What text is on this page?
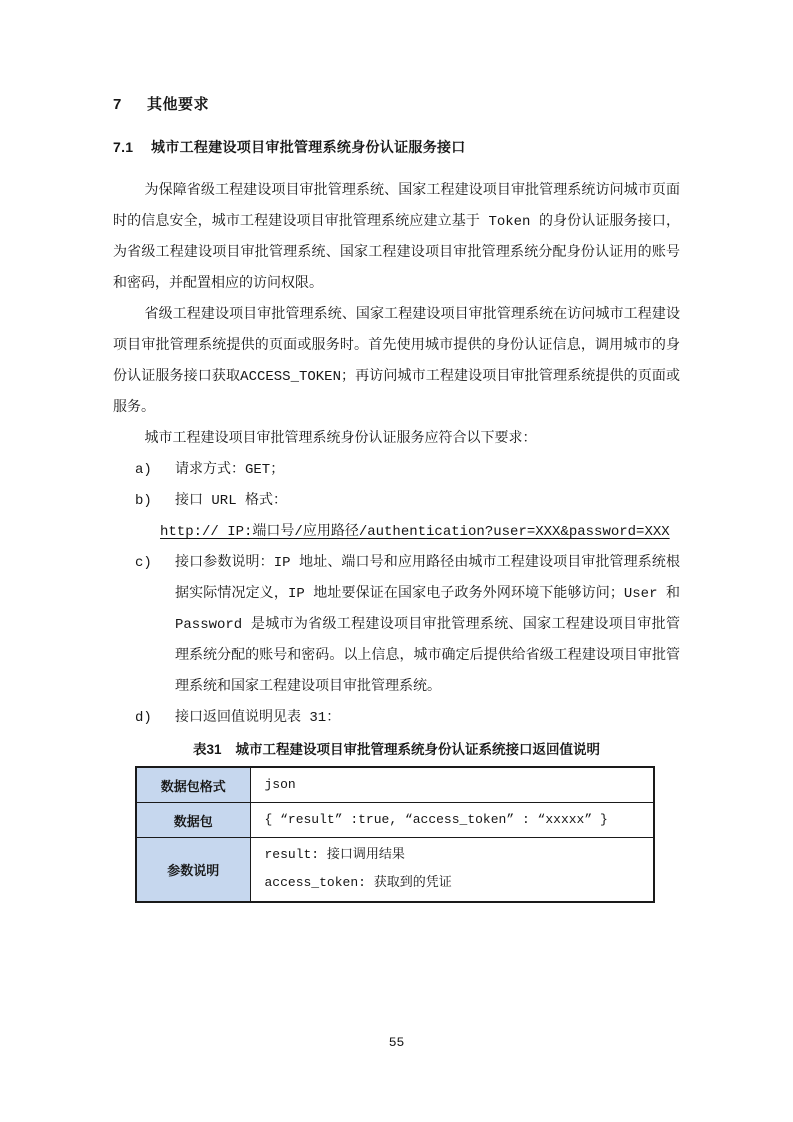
7 其他要求
7.1 城市工程建设项目审批管理系统身份认证服务接口

为保障省级工程建设项目审批管理系统、国家工程建设项目审批管理系统访问城市页面时的信息安全，城市工程建设项目审批管理系统应建立基于 Token 的身份认证服务接口，为省级工程建设项目审批管理系统、国家工程建设项目审批管理系统分配身份认证用的账号和密码，并配置相应的访问权限。

省级工程建设项目审批管理系统、国家工程建设项目审批管理系统在访问城市工程建设项目审批管理系统提供的页面或服务时。首先使用城市提供的身份认证信息，调用城市的身份认证服务接口获取ACCESS_TOKEN；再访问城市工程建设项目审批管理系统提供的页面或服务。

城市工程建设项目审批管理系统身份认证服务应符合以下要求：

a)	请求方式：GET；
b)	接口 URL 格式：
http:// IP:端口号/应用路径/authentication?user=XXX&password=XXX
c)	接口参数说明：IP 地址、端口号和应用路径由城市工程建设项目审批管理系统根据实际情况定义，IP 地址要保证在国家电子政务外网环境下能够访问；User 和 Password 是城市为省级工程建设项目审批管理系统、国家工程建设项目审批管理系统分配的账号和密码。以上信息，城市确定后提供给省级工程建设项目审批管理系统和国家工程建设项目审批管理系统。
d)	接口返回值说明见表 31：
表31 城市工程建设项目审批管理系统身份认证系统接口返回值说明
数据包格式	json

数据包	{ “result” :true, “access_token” : “xxxxx” }

参数说明	result: 接口调用结果
access_token: 获取到的凭证
55
